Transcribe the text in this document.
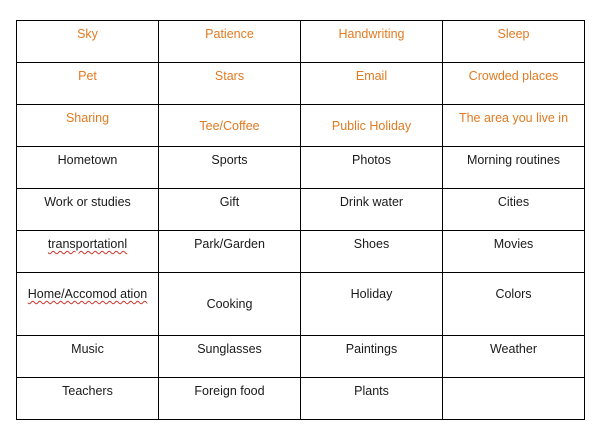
Sky	Patience	Handwriting	Sleep
Pet	Stars	Email	Crowded places
Sharing	Tee/Coffee	Public Holiday	The area you live in
Hometown	Sports	Photos	Morning routines
Work or studies	Gift	Drink water	Cities
transportationl	Park/Garden	Shoes	Movies
Home/Accomod ation	Cooking	Holiday	Colors
Music	Sunglasses	Paintings	Weather
Teachers	Foreign food	Plants	
